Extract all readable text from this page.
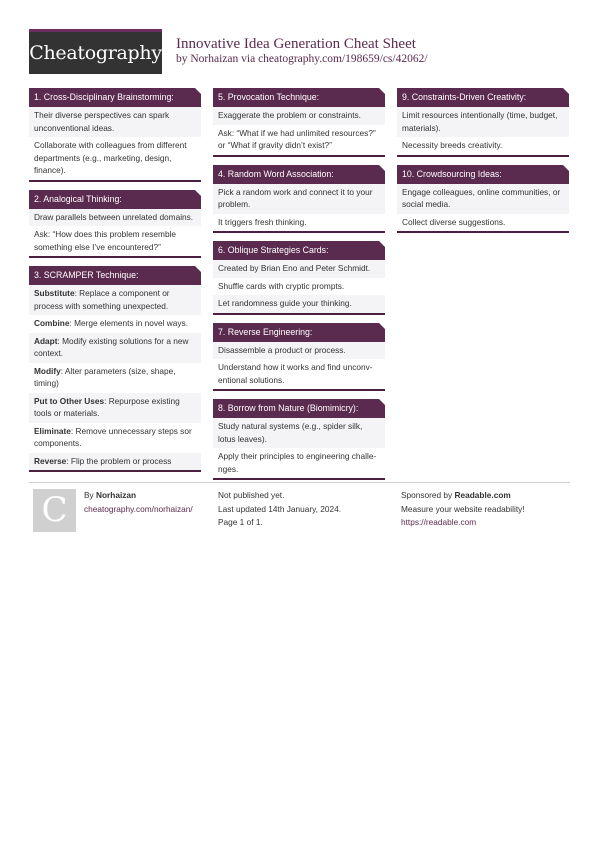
Cheatography Innovative Idea Generation Cheat Sheet
by Norhaizan via cheatography.com/198659/cs/42062/
1. Cross-Disciplinary Brainstorming:
Their diverse perspectives can spark unconventional ideas.
Collaborate with colleagues from different departments (e.g., marketing, design, finance).
2. Analogical Thinking:
Draw parallels between unrelated domains.
Ask: “How does this problem resemble something else I’ve encountered?”
3. SCRAMPER Technique:
Substitute: Replace a component or process with something unexpected.
Combine: Merge elements in novel ways.
Adapt: Modify existing solutions for a new context.
Modify: Alter parameters (size, shape, timing)
Put to Other Uses: Repurpose existing tools or materials.
Eliminate: Remove unnecessary steps sor components.
Reverse: Flip the problem or process
5. Provocation Technique:
Exaggerate the problem or constraints.
Ask: “What if we had unlimited resources?” or “What if gravity didn’t exist?”
4. Random Word Association:
Pick a random work and connect it to your problem.
It triggers fresh thinking.
6. Oblique Strategies Cards:
Created by Brian Eno and Peter Schmidt.
Shuffle cards with cryptic prompts.
Let randomness guide your thinking.
7. Reverse Engineering:
Disassemble a product or process.
Understand how it works and find unconventional solutions.
8. Borrow from Nature (Biomimicry):
Study natural systems (e.g., spider silk, lotus leaves).
Apply their principles to engineering challenges.
9. Constraints-Driven Creativity:
Limit resources intentionally (time, budget, materials).
Necessity breeds creativity.
10. Crowdsourcing Ideas:
Engage colleagues, online communities, or social media.
Collect diverse suggestions.
C	By Norhaizan
cheatography.com/norhaizan/
Not published yet.
Last updated 14th January, 2024.
Page 1 of 1.
Sponsored by Readable.com
Measure your website readability!
https://readable.com
